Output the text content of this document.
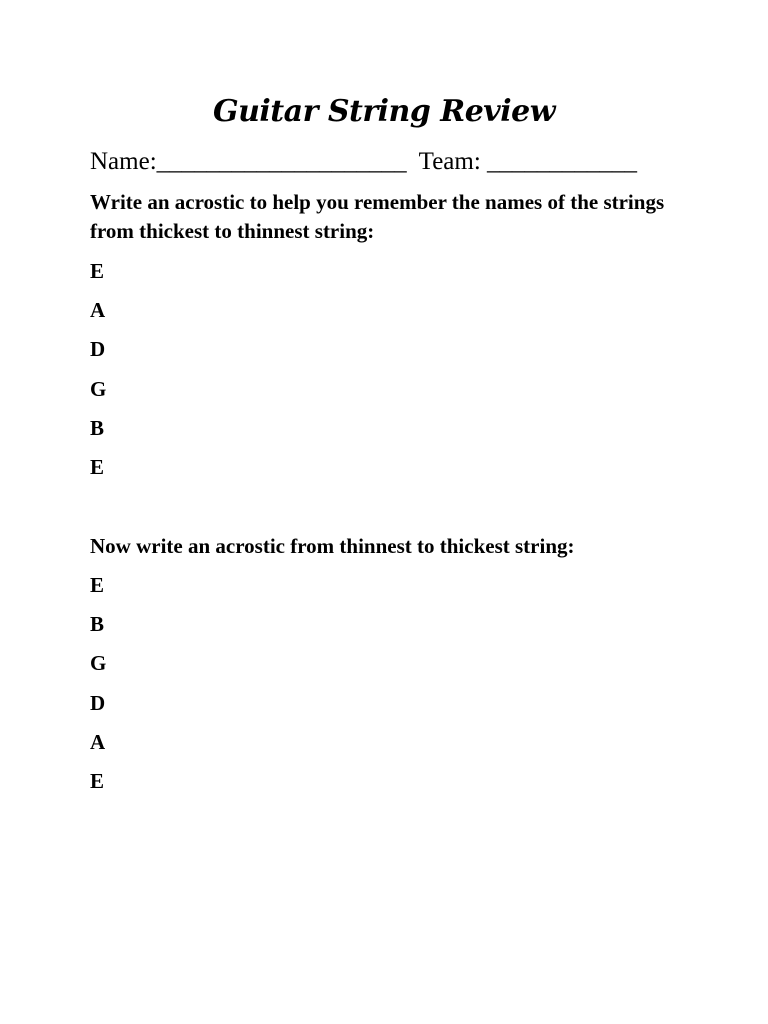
Guitar String Review

Name:____________________  Team: ____________

Write an acrostic to help you remember the names of the strings from thickest to thinnest string:

E
A
D
G
B
E

Now write an acrostic from thinnest to thickest string:

E
B
G
D
A
E
